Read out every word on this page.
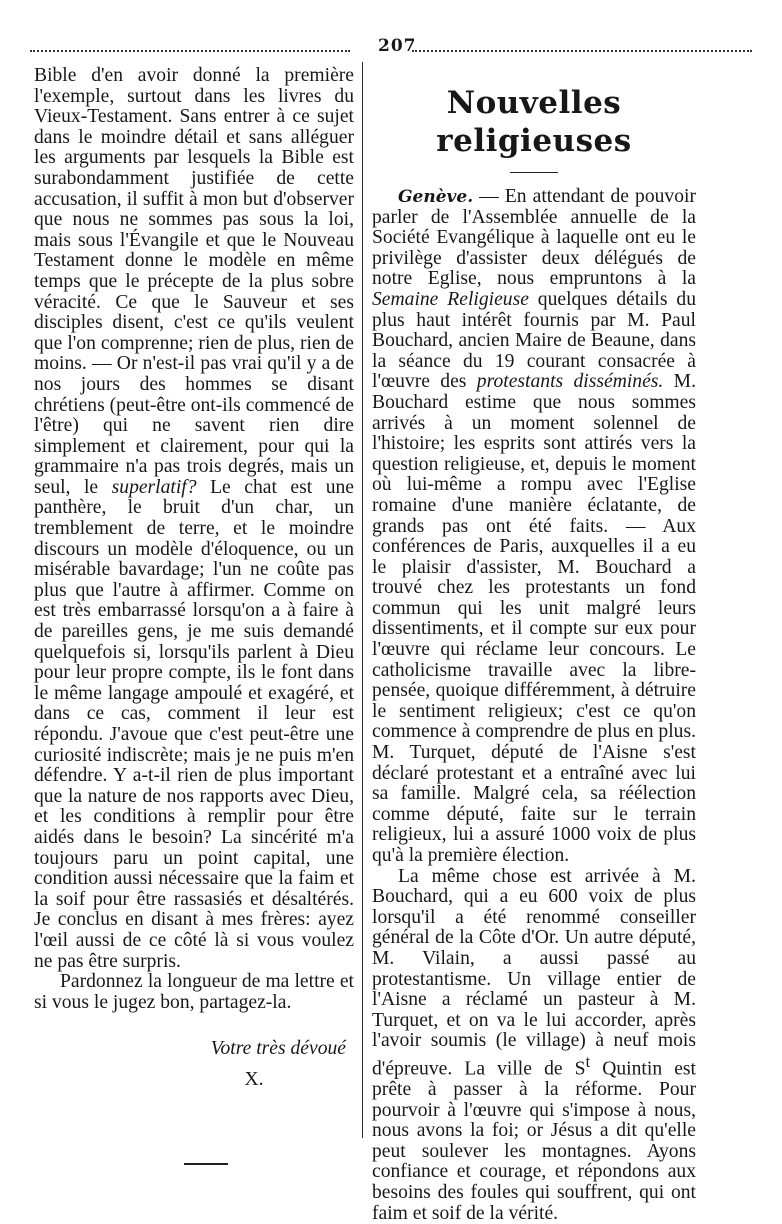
207

Bible d'en avoir donné la première l'exemple, surtout dans les livres du Vieux-Testament. Sans entrer à ce sujet dans le moindre détail et sans alléguer les arguments par lesquels la Bible est surabondamment justifiée de cette accusation, il suffit à mon but d'observer que nous ne sommes pas sous la loi, mais sous l'Évangile et que le Nouveau Testament donne le modèle en même temps que le précepte de la plus sobre véracité. Ce que le Sauveur et ses disciples disent, c'est ce qu'ils veulent que l'on comprenne; rien de plus, rien de moins. — Or n'est-il pas vrai qu'il y a de nos jours des hommes se disant chrétiens (peut-être ont-ils commencé de l'être) qui ne savent rien dire simplement et clairement, pour qui la grammaire n'a pas trois degrés, mais un seul, le superlatif? Le chat est une panthère, le bruit d'un char, un tremblement de terre, et le moindre discours un modèle d'éloquence, ou un misérable bavardage; l'un ne coûte pas plus que l'autre à affirmer. Comme on est très embarrassé lorsqu'on a à faire à de pareilles gens, je me suis demandé quelquefois si, lorsqu'ils parlent à Dieu pour leur propre compte, ils le font dans le même langage ampoulé et exagéré, et dans ce cas, comment il leur est répondu. J'avoue que c'est peut-être une curiosité indiscrète; mais je ne puis m'en défendre. Y a-t-il rien de plus important que la nature de nos rapports avec Dieu, et les conditions à remplir pour être aidés dans le besoin? La sincérité m'a toujours paru un point capital, une condition aussi nécessaire que la faim et la soif pour être rassasiés et désaltérés. Je conclus en disant à mes frères: ayez l'œil aussi de ce côté là si vous voulez ne pas être surpris.

Pardonnez la longueur de ma lettre et si vous le jugez bon, partagez-la.

Votre très dévoué

X.

Nouvelles religieuses

Genève. — En attendant de pouvoir parler de l'Assemblée annuelle de la Société Evangélique à laquelle ont eu le privilège d'assister deux délégués de notre Eglise, nous empruntons à la Semaine Religieuse quelques détails du plus haut intérêt fournis par M. Paul Bouchard, ancien Maire de Beaune, dans la séance du 19 courant consacrée à l'œuvre des protestants disséminés. M. Bouchard estime que nous sommes arrivés à un moment solennel de l'histoire; les esprits sont attirés vers la question religieuse, et, depuis le moment où lui-même a rompu avec l'Eglise romaine d'une manière éclatante, de grands pas ont été faits. — Aux conférences de Paris, auxquelles il a eu le plaisir d'assister, M. Bouchard a trouvé chez les protestants un fond commun qui les unit malgré leurs dissentiments, et il compte sur eux pour l'œuvre qui réclame leur concours. Le catholicisme travaille avec la libre-pensée, quoique différemment, à détruire le sentiment religieux; c'est ce qu'on commence à comprendre de plus en plus. M. Turquet, député de l'Aisne s'est déclaré protestant et a entraîné avec lui sa famille. Malgré cela, sa réélection comme député, faite sur le terrain religieux, lui a assuré 1000 voix de plus qu'à la première élection.

La même chose est arrivée à M. Bouchard, qui a eu 600 voix de plus lorsqu'il a été renommé conseiller général de la Côte d'Or. Un autre député, M. Vilain, a aussi passé au protestantisme. Un village entier de l'Aisne a réclamé un pasteur à M. Turquet, et on va le lui accorder, après l'avoir soumis (le village) à neuf mois d'épreuve. La ville de $S^t$ Quintin est prête à passer à la réforme. Pour pourvoir à l'œuvre qui s'impose à nous, nous avons la foi; or Jésus a dit qu'elle peut soulever les montagnes. Ayons confiance et courage, et répondons aux besoins des foules qui souffrent, qui ont faim et soif de la vérité.
